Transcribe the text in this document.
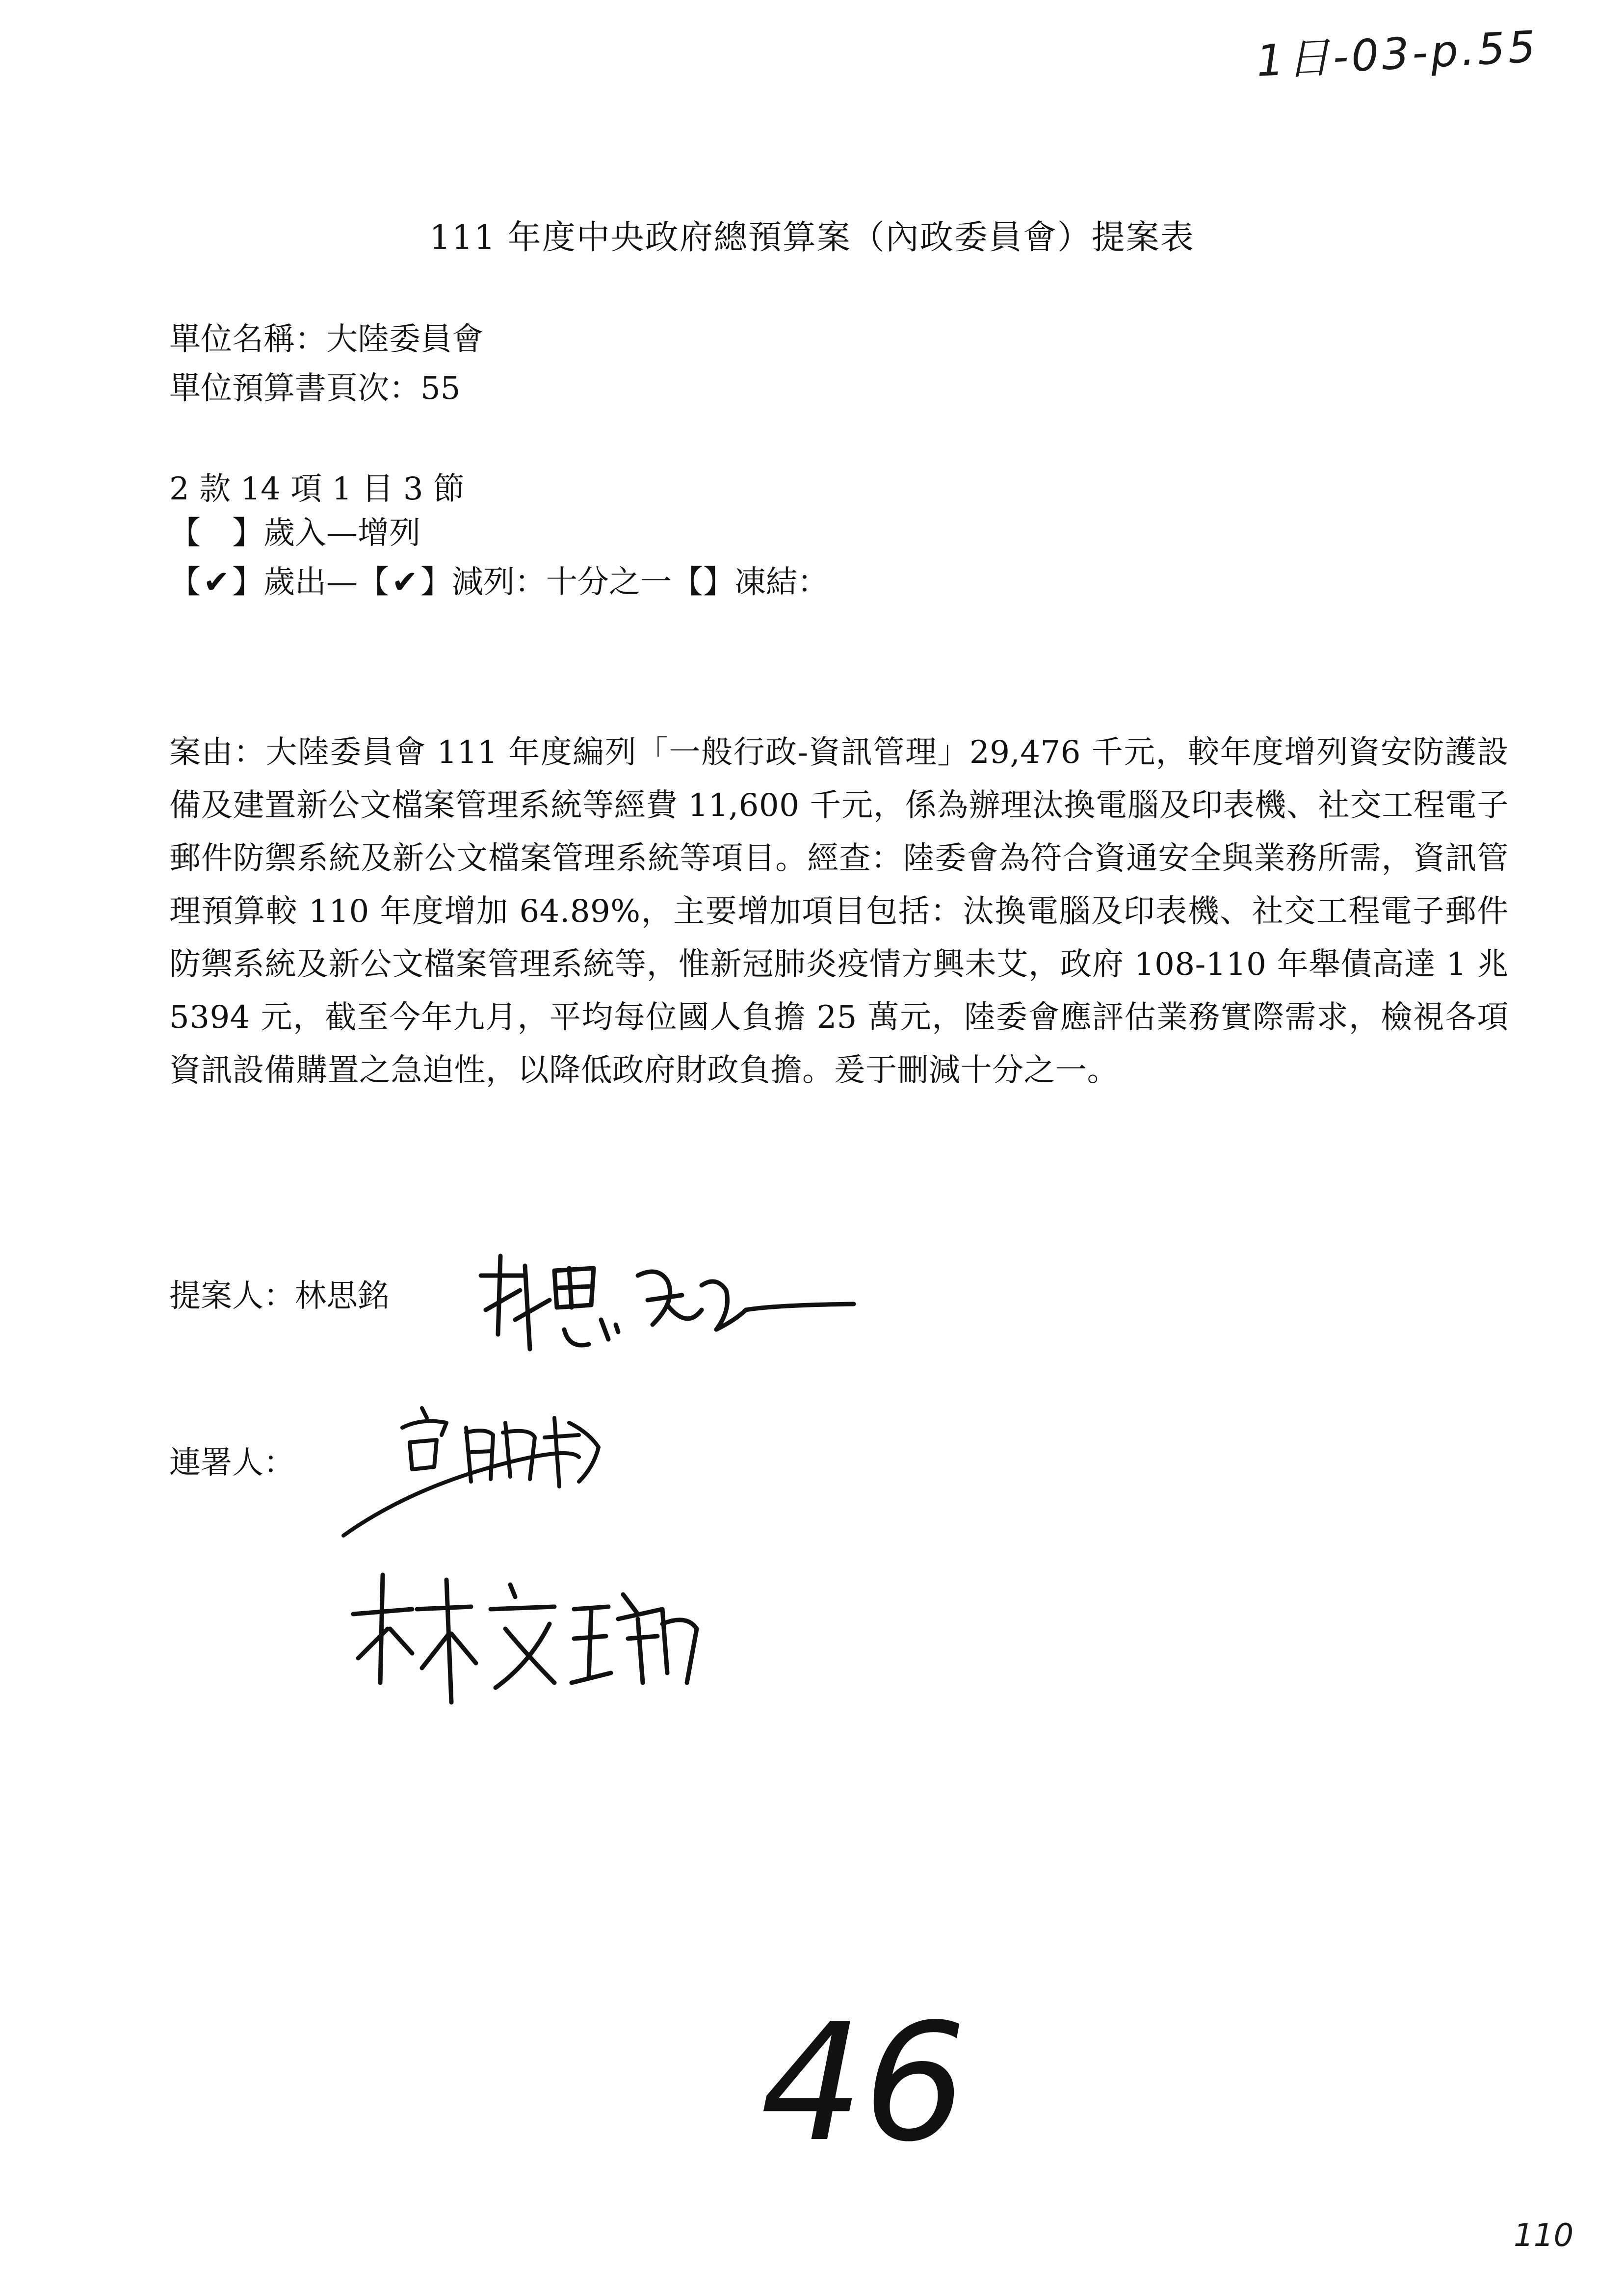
1日-03-p.55
111 年度中央政府總預算案（內政委員會）提案表
單位名稱：大陸委員會
單位預算書頁次：55
2 款 14 項 1 目 3 節
【 】歲入—增列
【✔】歲出—【✔】減列：十分之一【】凍結：
案由：大陸委員會 111 年度編列「一般行政-資訊管理」29,476 千元，較年度增列資安防護設備及建置新公文檔案管理系統等經費 11,600 千元，係為辦理汰換電腦及印表機、社交工程電子郵件防禦系統及新公文檔案管理系統等項目。經查：陸委會為符合資通安全與業務所需，資訊管理預算較 110 年度增加 64.89%，主要增加項目包括：汰換電腦及印表機、社交工程電子郵件防禦系統及新公文檔案管理系統等，惟新冠肺炎疫情方興未艾，政府 108-110 年舉債高達 1 兆 5394 元，截至今年九月，平均每位國人負擔 25 萬元，陸委會應評估業務實際需求，檢視各項資訊設備購置之急迫性，以降低政府財政負擔。爰于刪減十分之一。
提案人：林思銘
連署人：
46
110
